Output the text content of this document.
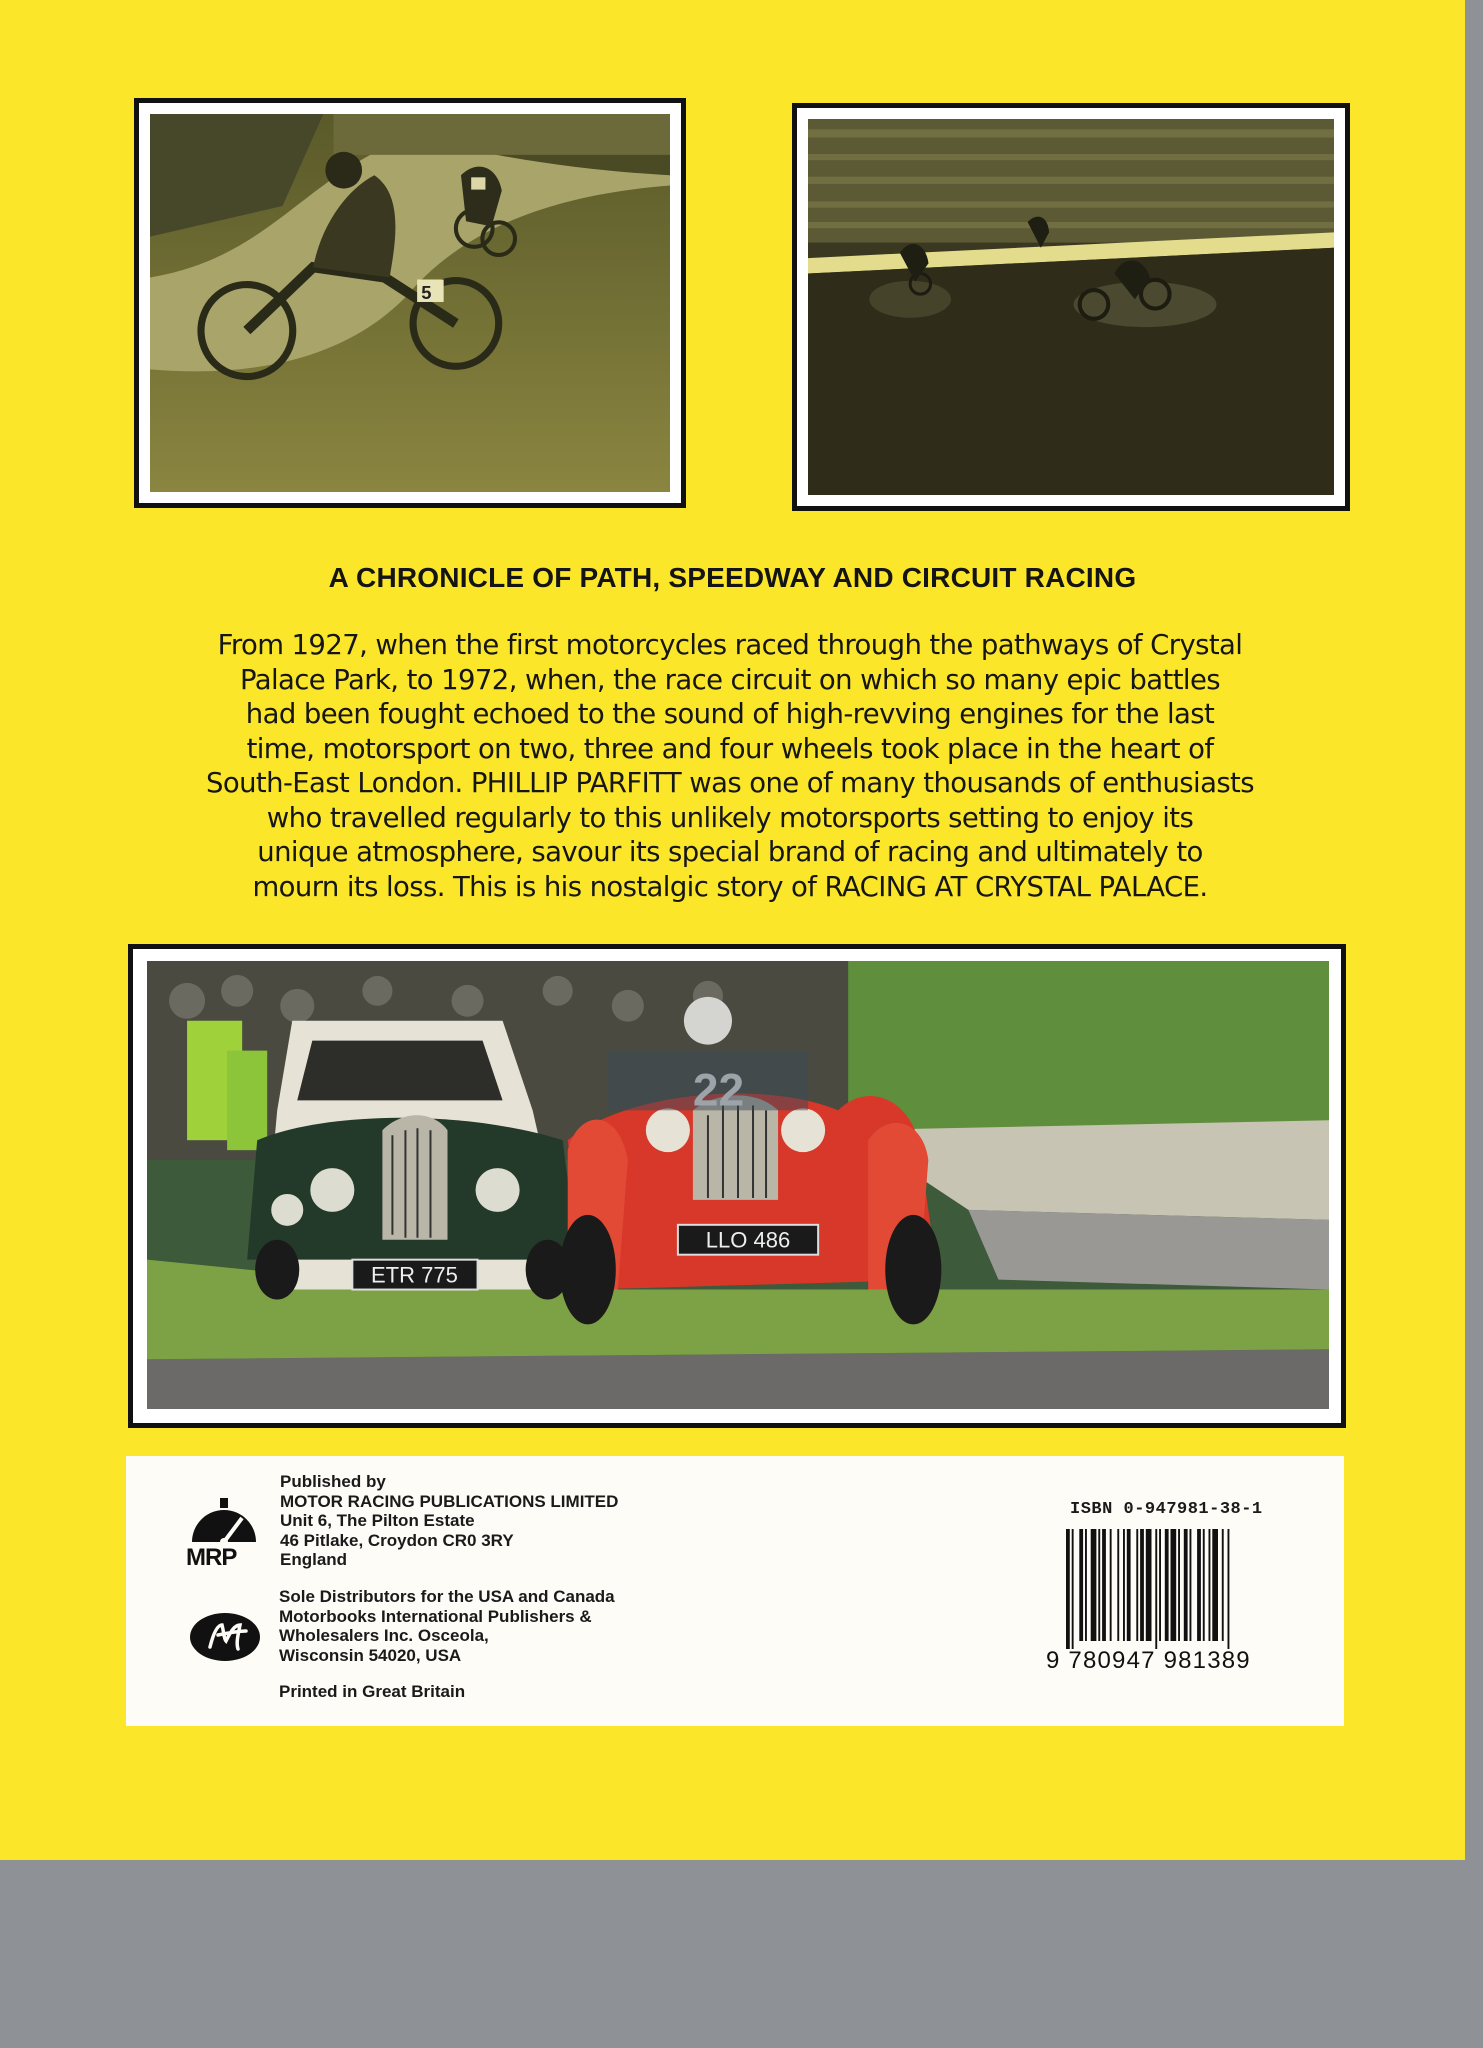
5
A CHRONICLE OF PATH, SPEEDWAY AND CIRCUIT RACING
From 1927, when the first motorcycles raced through the pathways of Crystal
Palace Park, to 1972, when, the race circuit on which so many epic battles
had been fought echoed to the sound of high-revving engines for the last
time, motorsport on two, three and four wheels took place in the heart of
South-East London. PHILLIP PARFITT was one of many thousands of enthusiasts
who travelled regularly to this unlikely motorsports setting to enjoy its
unique atmosphere, savour its special brand of racing and ultimately to
mourn its loss. This is his nostalgic story of RACING AT CRYSTAL PALACE.
ETR 775
LLO 486
MRP
Published by
MOTOR RACING PUBLICATIONS LIMITED
Unit 6, The Pilton Estate
46 Pitlake, Croydon CR0 3RY
England
Sole Distributors for the USA and Canada
Motorbooks International Publishers &
Wholesalers Inc. Osceola,
Wisconsin 54020, USA
Printed in Great Britain
ISBN 0-947981-38-1
9 780947 981389
